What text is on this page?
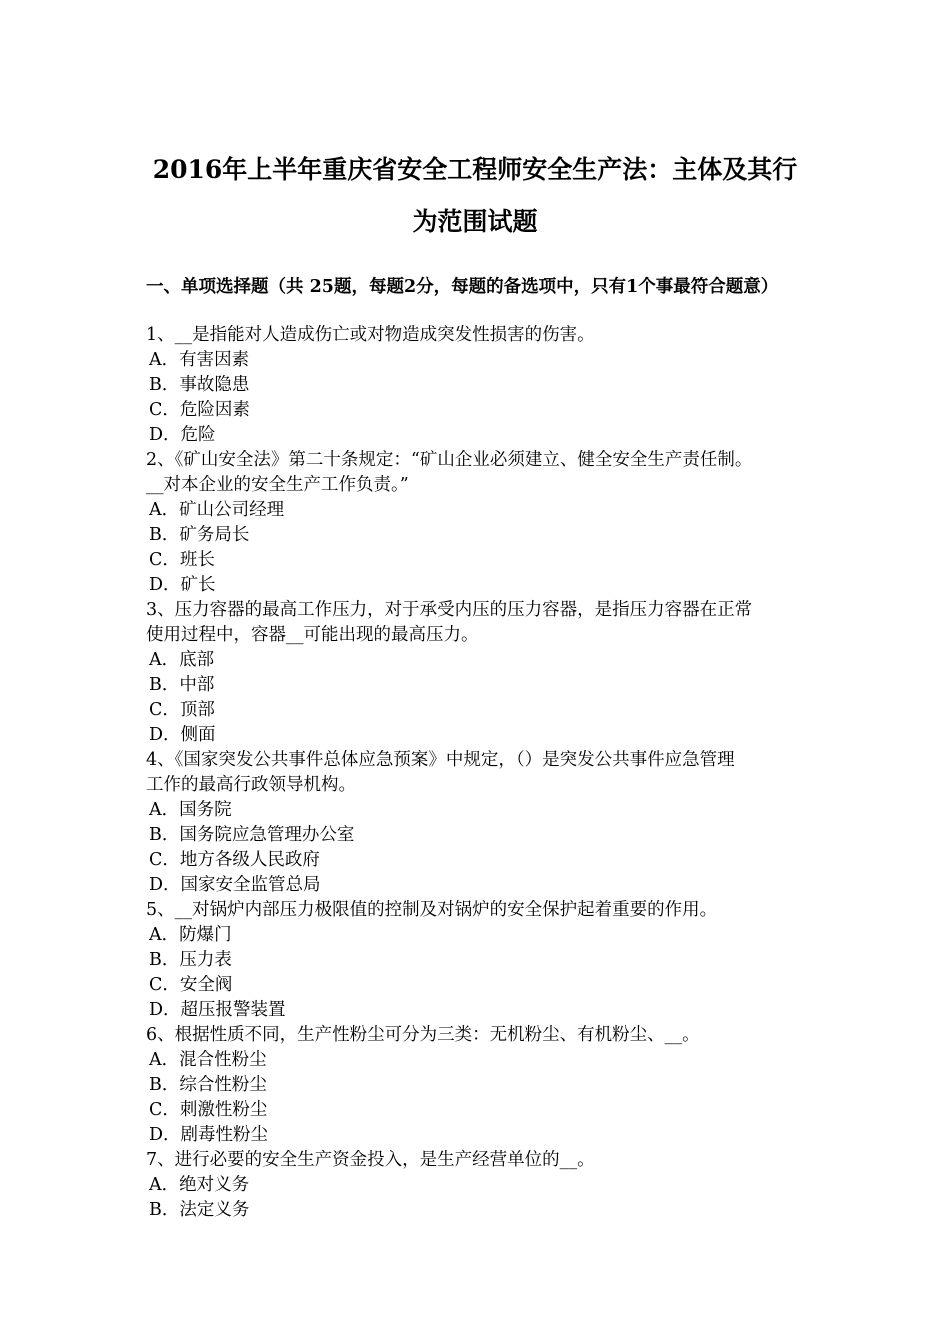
2016年上半年重庆省安全工程师安全生产法：主体及其行
为范围试题
一、单项选择题（共 25题，每题2分，每题的备选项中，只有1个事最符合题意）
1、__是指能对人造成伤亡或对物造成突发性损害的伤害。
A．有害因素
B．事故隐患
C．危险因素
D．危险
2、《矿山安全法》第二十条规定：“矿山企业必须建立、健全安全生产责任制。
__对本企业的安全生产工作负责。”
A．矿山公司经理
B．矿务局长
C．班长
D．矿长
3、压力容器的最高工作压力，对于承受内压的压力容器，是指压力容器在正常
使用过程中，容器__可能出现的最高压力。
A．底部
B．中部
C．顶部
D．侧面
4、《国家突发公共事件总体应急预案》中规定，（）是突发公共事件应急管理
工作的最高行政领导机构。
A．国务院
B．国务院应急管理办公室
C．地方各级人民政府
D．国家安全监管总局
5、__对锅炉内部压力极限值的控制及对锅炉的安全保护起着重要的作用。
A．防爆门
B．压力表
C．安全阀
D．超压报警装置
6、根据性质不同，生产性粉尘可分为三类：无机粉尘、有机粉尘、__。
A．混合性粉尘
B．综合性粉尘
C．刺激性粉尘
D．剧毒性粉尘
7、进行必要的安全生产资金投入，是生产经营单位的__。
A．绝对义务
B．法定义务
